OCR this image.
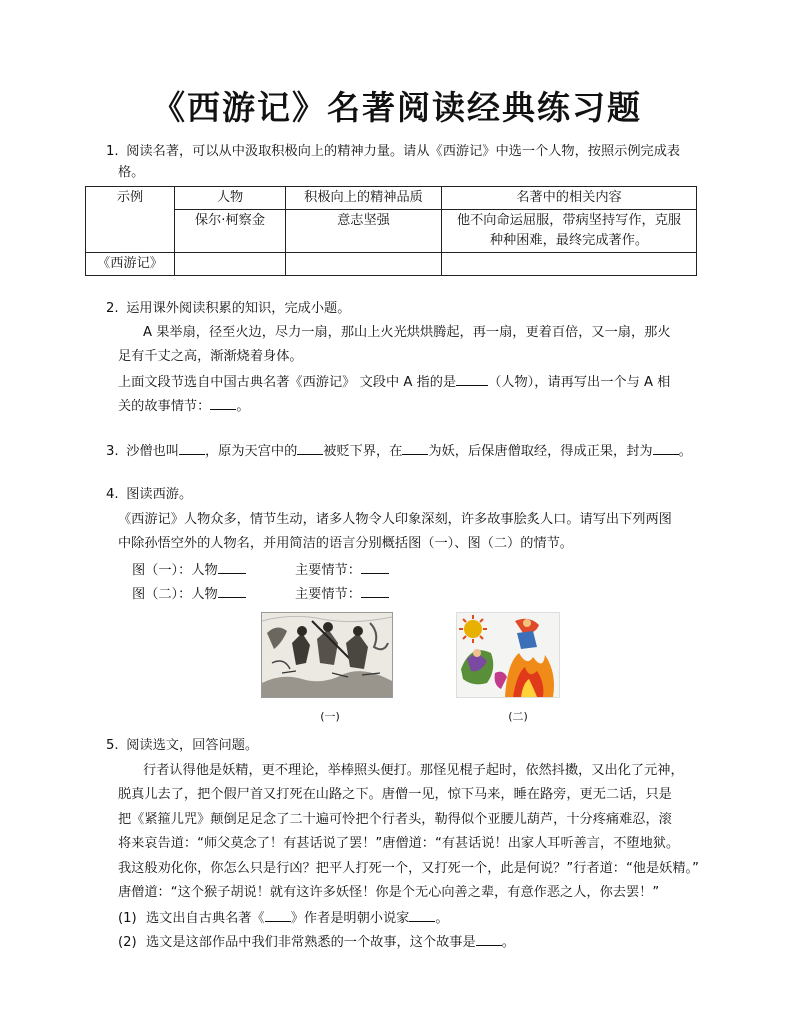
《西游记》名著阅读经典练习题
1. 阅读名著，可以从中汲取积极向上的精神力量。请从《西游记》中选一个人物，按照示例完成表
格。
示例	人物	积极向上的精神品质	名著中的相关内容
	保尔·柯察金	意志坚强	他不向命运屈服，带病坚持写作，克服
种种困难，最终完成著作。

《西游记》			
2. 运用课外阅读积累的知识，完成小题。
A 果举扇，径至火边，尽力一扇，那山上火光烘烘腾起，再一扇，更着百倍，又一扇，那火
足有千丈之高，渐渐烧着身体。
上面文段节选自中国古典名著《西游记》 文段中 A 指的是 （人物），请再写出一个与 A 相
关的故事情节： 。
3. 沙僧也叫 ，原为天宫中的 被贬下界，在 为妖，后保唐僧取经，得成正果，封为 。
4. 图读西游。
《西游记》人物众多，情节生动，诸多人物令人印象深刻，许多故事脍炙人口。请写出下列两图
中除孙悟空外的人物名，并用简洁的语言分别概括图（一）、图（二）的情节。
图（一）：人物	主要情节：
图（二）：人物	主要情节：
(一)	(二)
5. 阅读选文，回答问题。
行者认得他是妖精，更不理论，举棒照头便打。那怪见棍子起时，依然抖擞，又出化了元神，
脱真儿去了，把个假尸首又打死在山路之下。唐僧一见，惊下马来，睡在路旁，更无二话，只是
把《紧箍儿咒》颠倒足足念了二十遍可怜把个行者头，勒得似个亚腰儿葫芦，十分疼痛难忍，滚
将来哀告道：“师父莫念了！有甚话说了罢！”唐僧道：“有甚话说！出家人耳听善言，不堕地狱。
我这般劝化你，你怎么只是行凶？把平人打死一个，又打死一个，此是何说？”行者道：“他是妖精。”
唐僧道：“这个猴子胡说！就有这许多妖怪！你是个无心向善之辈，有意作恶之人，你去罢！”
(1) 选文出自古典名著《 》作者是明朝小说家 。
(2) 选文是这部作品中我们非常熟悉的一个故事，这个故事是 。
